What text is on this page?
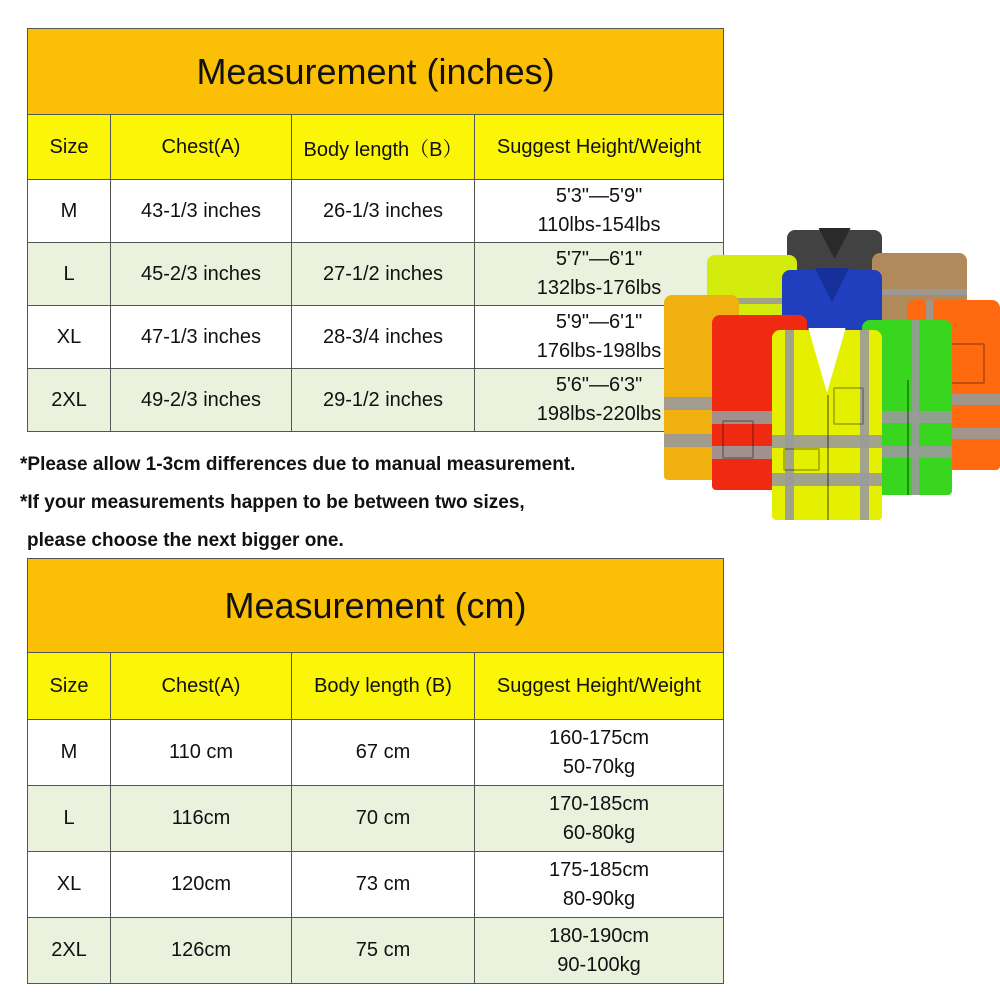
Measurement (inches)			
Size	Chest(A)	Body length（B）	Suggest Height/Weight
M	43-1/3 inches	26-1/3 inches	5'3"—5'9"
110lbs-154lbs

L	45-2/3 inches	27-1/2 inches	5'7"—6'1"
132lbs-176lbs

XL	47-1/3 inches	28-3/4 inches	5'9"—6'1"
176lbs-198lbs

2XL	49-2/3 inches	29-1/2 inches	5'6"—6'3"
198lbs-220lbs
*Please allow 1-3cm differences due to manual measurement.
*If your measurements happen to be between two sizes,
please choose the next bigger one.
Measurement (cm)			
Size	Chest(A)	Body length (B)	Suggest Height/Weight
M	110 cm	67 cm	160-175cm
50-70kg

L	116cm	70 cm	170-185cm
60-80kg

XL	120cm	73 cm	175-185cm
80-90kg

2XL	126cm	75 cm	180-190cm
90-100kg
